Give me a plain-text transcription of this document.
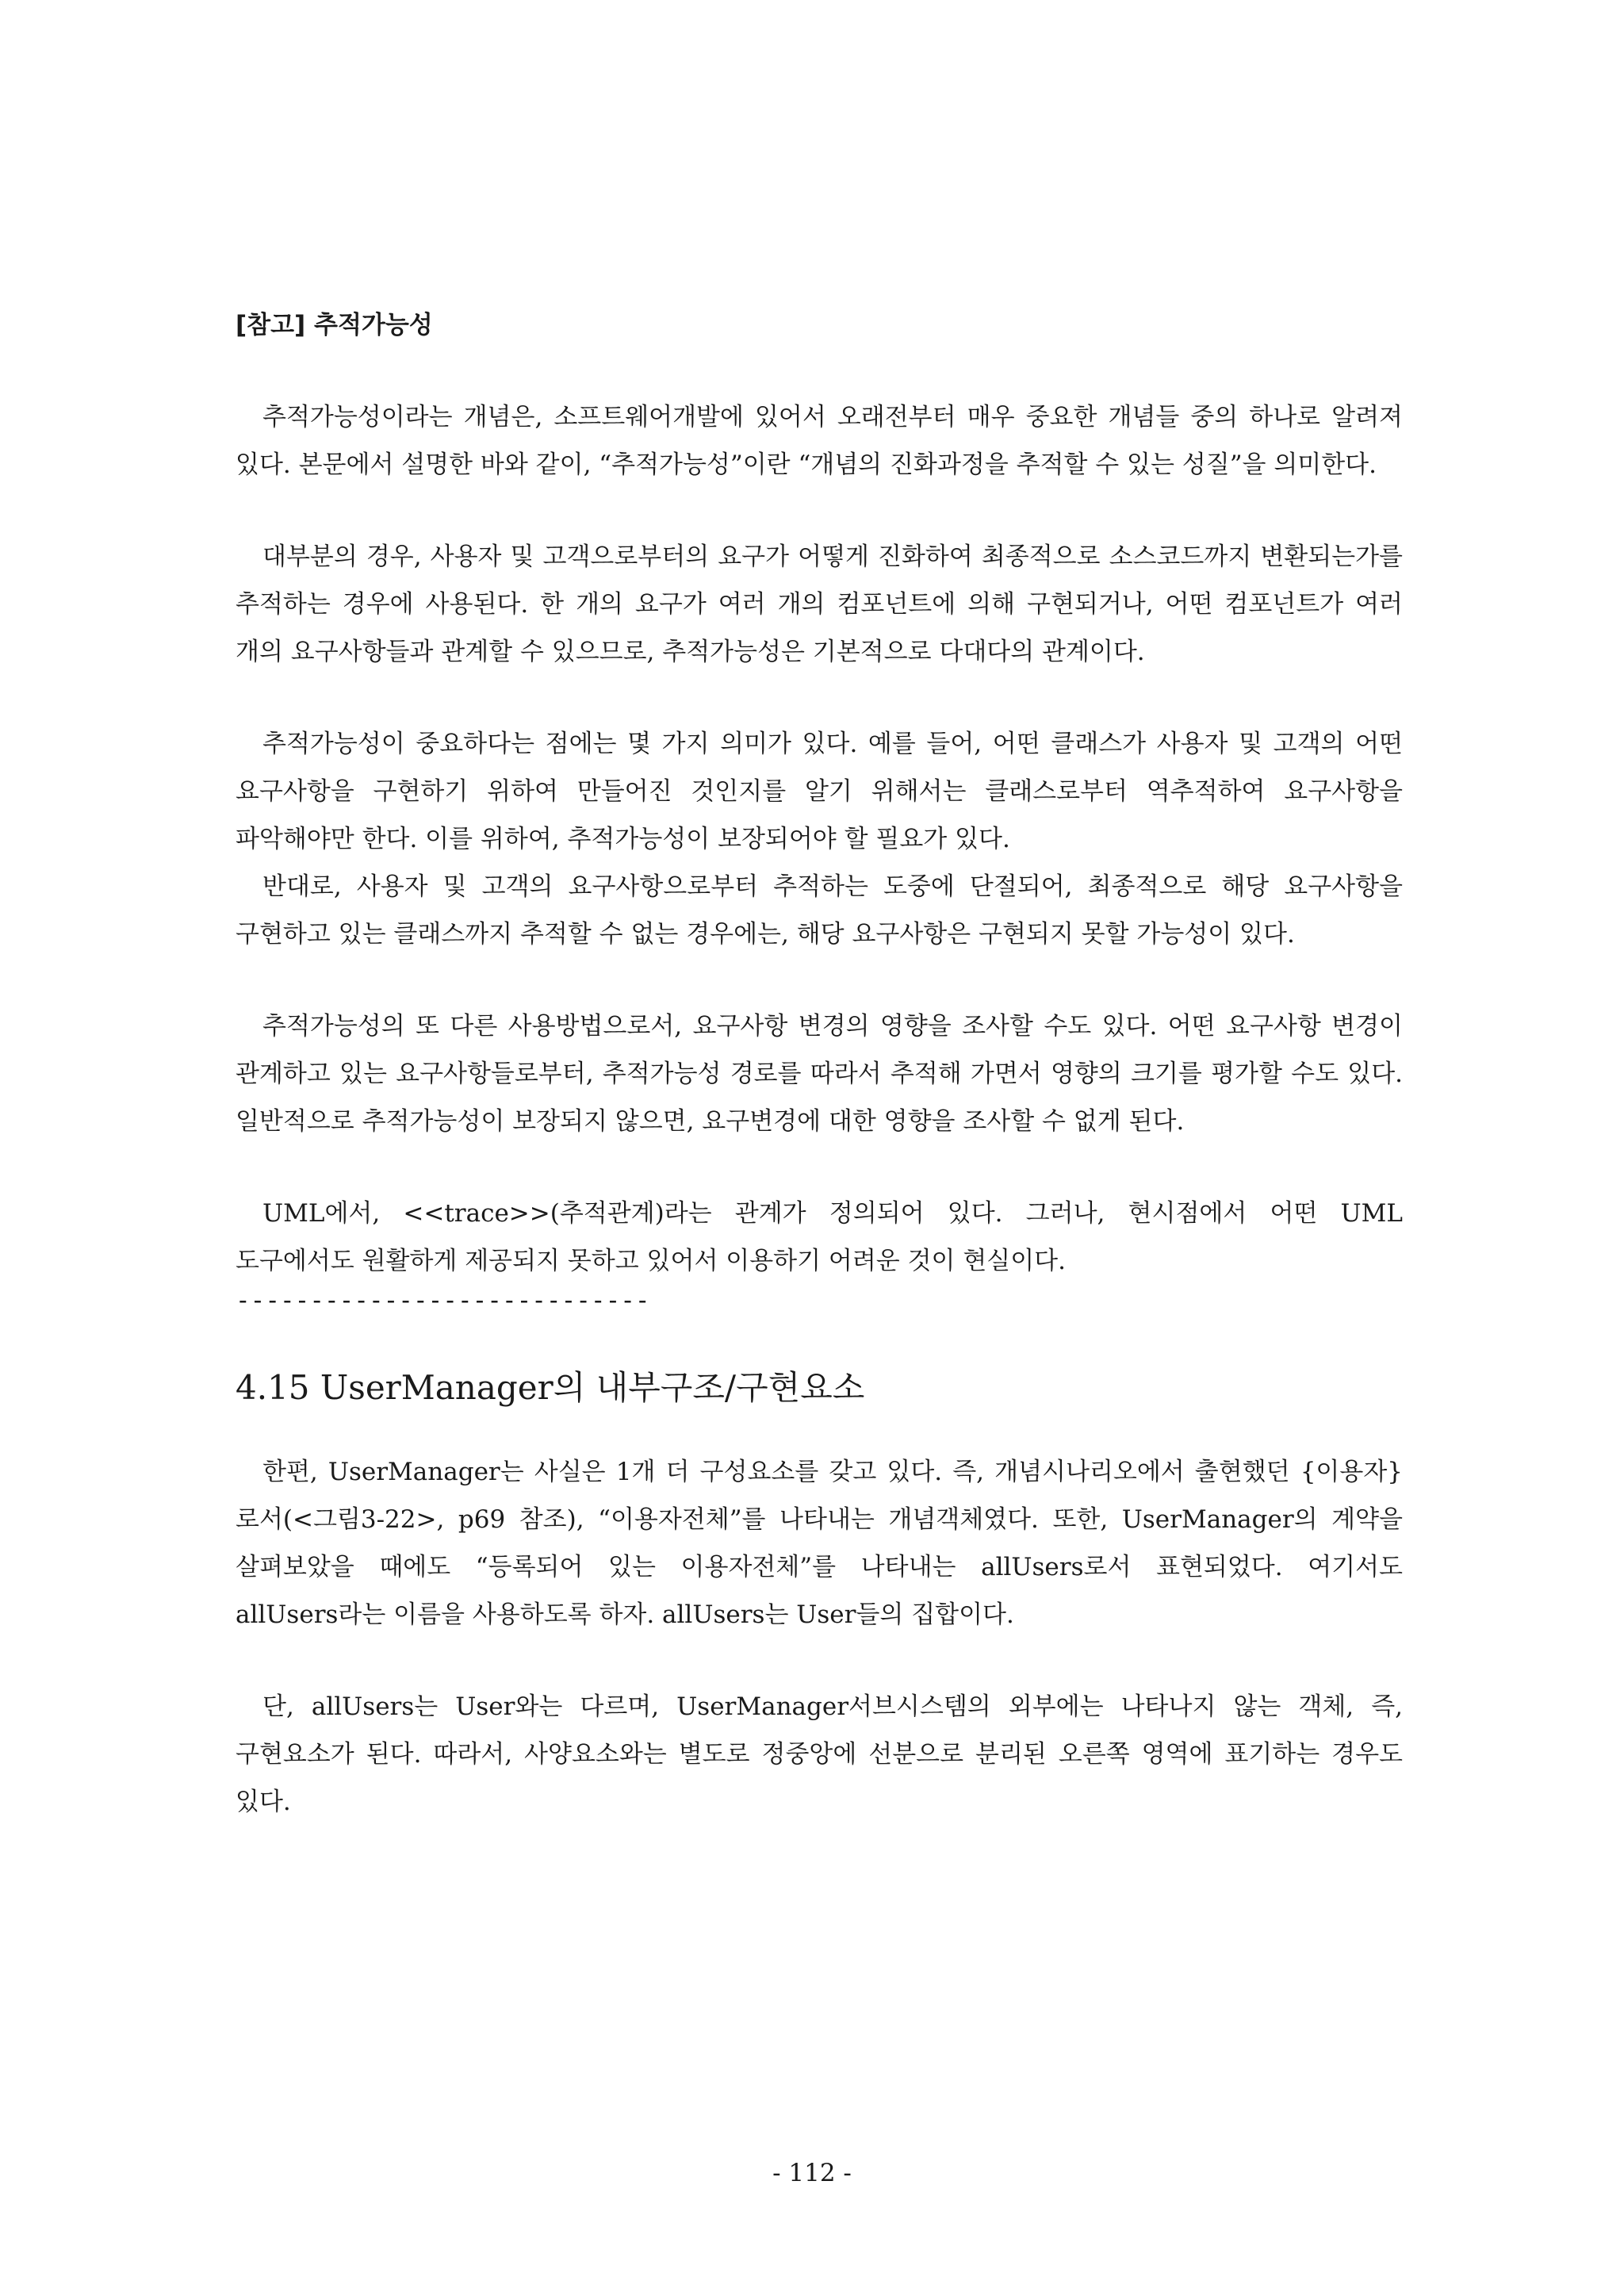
[참고] 추적가능성

추적가능성이라는 개념은, 소프트웨어개발에 있어서 오래전부터 매우 중요한 개념들 중의 하나로 알려져 있다. 본문에서 설명한 바와 같이, “추적가능성”이란 “개념의 진화과정을 추적할 수 있는 성질”을 의미한다.

대부분의 경우, 사용자 및 고객으로부터의 요구가 어떻게 진화하여 최종적으로 소스코드까지 변환되는가를 추적하는 경우에 사용된다. 한 개의 요구가 여러 개의 컴포넌트에 의해 구현되거나, 어떤 컴포넌트가 여러 개의 요구사항들과 관계할 수 있으므로, 추적가능성은 기본적으로 다대다의 관계이다.

추적가능성이 중요하다는 점에는 몇 가지 의미가 있다. 예를 들어, 어떤 클래스가 사용자 및 고객의 어떤 요구사항을 구현하기 위하여 만들어진 것인지를 알기 위해서는 클래스로부터 역추적하여 요구사항을 파악해야만 한다. 이를 위하여, 추적가능성이 보장되어야 할 필요가 있다.

반대로, 사용자 및 고객의 요구사항으로부터 추적하는 도중에 단절되어, 최종적으로 해당 요구사항을 구현하고 있는 클래스까지 추적할 수 없는 경우에는, 해당 요구사항은 구현되지 못할 가능성이 있다.

추적가능성의 또 다른 사용방법으로서, 요구사항 변경의 영향을 조사할 수도 있다. 어떤 요구사항 변경이 관계하고 있는 요구사항들로부터, 추적가능성 경로를 따라서 추적해 가면서 영향의 크기를 평가할 수도 있다. 일반적으로 추적가능성이 보장되지 않으면, 요구변경에 대한 영향을 조사할 수 없게 된다.

UML에서, <<trace>>(추적관계)라는 관계가 정의되어 있다. 그러나, 현시점에서 어떤 UML 도구에서도 원활하게 제공되지 못하고 있어서 이용하기 어려운 것이 현실이다.

----------------------------
4.15 UserManager의 내부구조/구현요소

한편, UserManager는 사실은 1개 더 구성요소를 갖고 있다. 즉, 개념시나리오에서 출현했던 {이용자}로서(<그림3-22>, p69 참조), “이용자전체”를 나타내는 개념객체였다. 또한, UserManager의 계약을 살펴보았을 때에도 “등록되어 있는 이용자전체”를 나타내는 allUsers로서 표현되었다. 여기서도 allUsers라는 이름을 사용하도록 하자. allUsers는 User들의 집합이다.

단, allUsers는 User와는 다르며, UserManager서브시스템의 외부에는 나타나지 않는 객체, 즉, 구현요소가 된다. 따라서, 사양요소와는 별도로 정중앙에 선분으로 분리된 오른쪽 영역에 표기하는 경우도 있다.

- 112 -
